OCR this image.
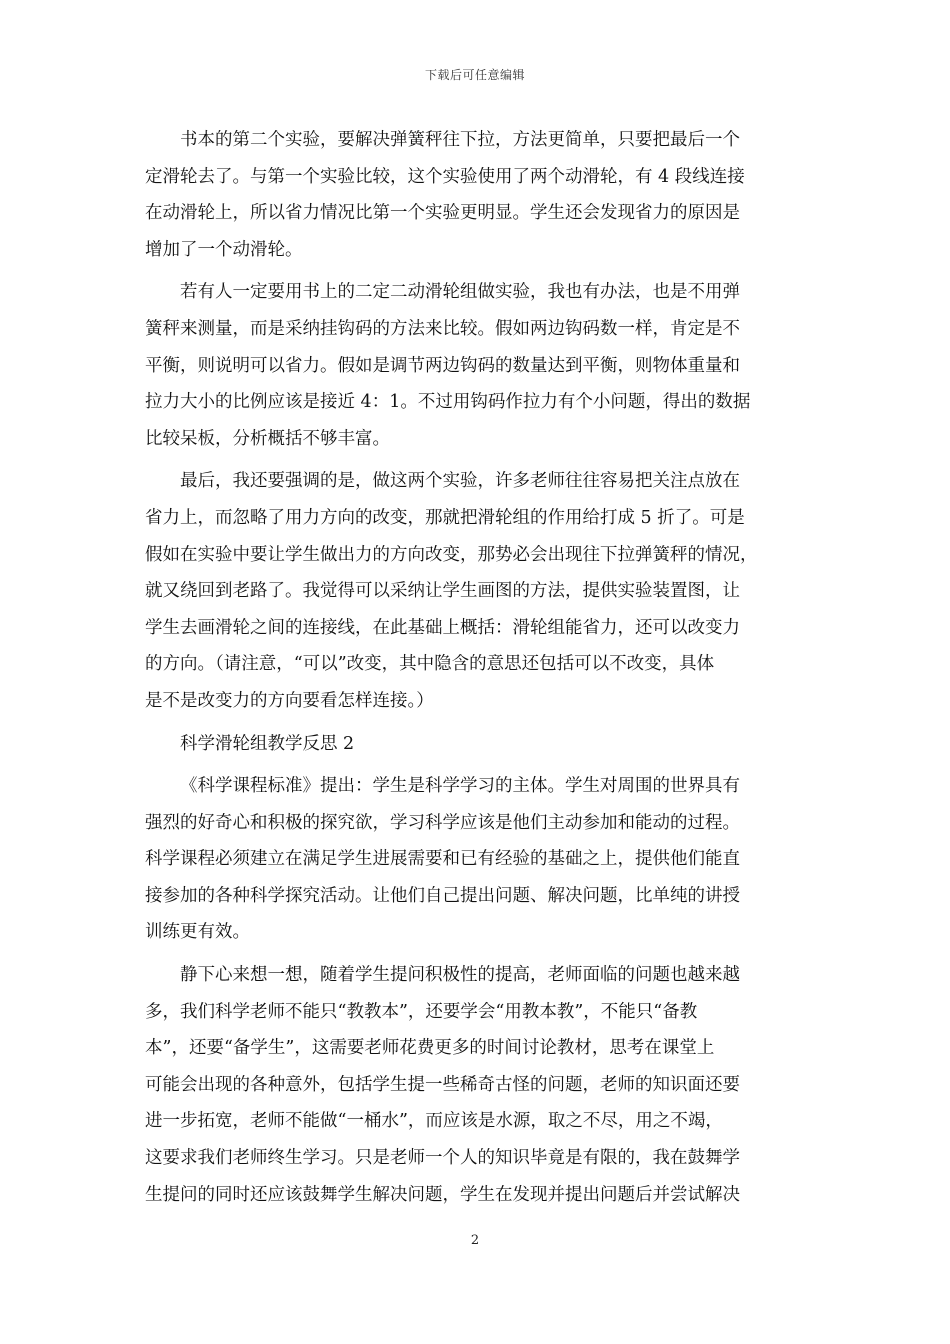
下载后可任意编辑
书本的第二个实验，要解决弹簧秤往下拉，方法更简单，只要把最后一个
定滑轮去了。与第一个实验比较，这个实验使用了两个动滑轮，有 4 段线连接
在动滑轮上，所以省力情况比第一个实验更明显。学生还会发现省力的原因是
增加了一个动滑轮。
若有人一定要用书上的二定二动滑轮组做实验，我也有办法，也是不用弹
簧秤来测量，而是采纳挂钩码的方法来比较。假如两边钩码数一样，肯定是不
平衡，则说明可以省力。假如是调节两边钩码的数量达到平衡，则物体重量和
拉力大小的比例应该是接近 4：1。不过用钩码作拉力有个小问题，得出的数据
比较呆板，分析概括不够丰富。
最后，我还要强调的是，做这两个实验，许多老师往往容易把关注点放在
省力上，而忽略了用力方向的改变，那就把滑轮组的作用给打成 5 折了。可是
假如在实验中要让学生做出力的方向改变，那势必会出现往下拉弹簧秤的情况，
就又绕回到老路了。我觉得可以采纳让学生画图的方法，提供实验装置图，让
学生去画滑轮之间的连接线，在此基础上概括：滑轮组能省力，还可以改变力
的方向。（请注意，“可以”改变，其中隐含的意思还包括可以不改变，具体
是不是改变力的方向要看怎样连接。）
科学滑轮组教学反思 2
《科学课程标准》提出：学生是科学学习的主体。学生对周围的世界具有
强烈的好奇心和积极的探究欲，学习科学应该是他们主动参加和能动的过程。
科学课程必须建立在满足学生进展需要和已有经验的基础之上，提供他们能直
接参加的各种科学探究活动。让他们自己提出问题、解决问题，比单纯的讲授
训练更有效。
静下心来想一想，随着学生提问积极性的提高，老师面临的问题也越来越
多，我们科学老师不能只“教教本”，还要学会“用教本教”，不能只“备教
本”，还要“备学生”，这需要老师花费更多的时间讨论教材，思考在课堂上
可能会出现的各种意外，包括学生提一些稀奇古怪的问题，老师的知识面还要
进一步拓宽，老师不能做“一桶水”，而应该是水源，取之不尽，用之不竭，
这要求我们老师终生学习。只是老师一个人的知识毕竟是有限的，我在鼓舞学
生提问的同时还应该鼓舞学生解决问题，学生在发现并提出问题后并尝试解决
2
